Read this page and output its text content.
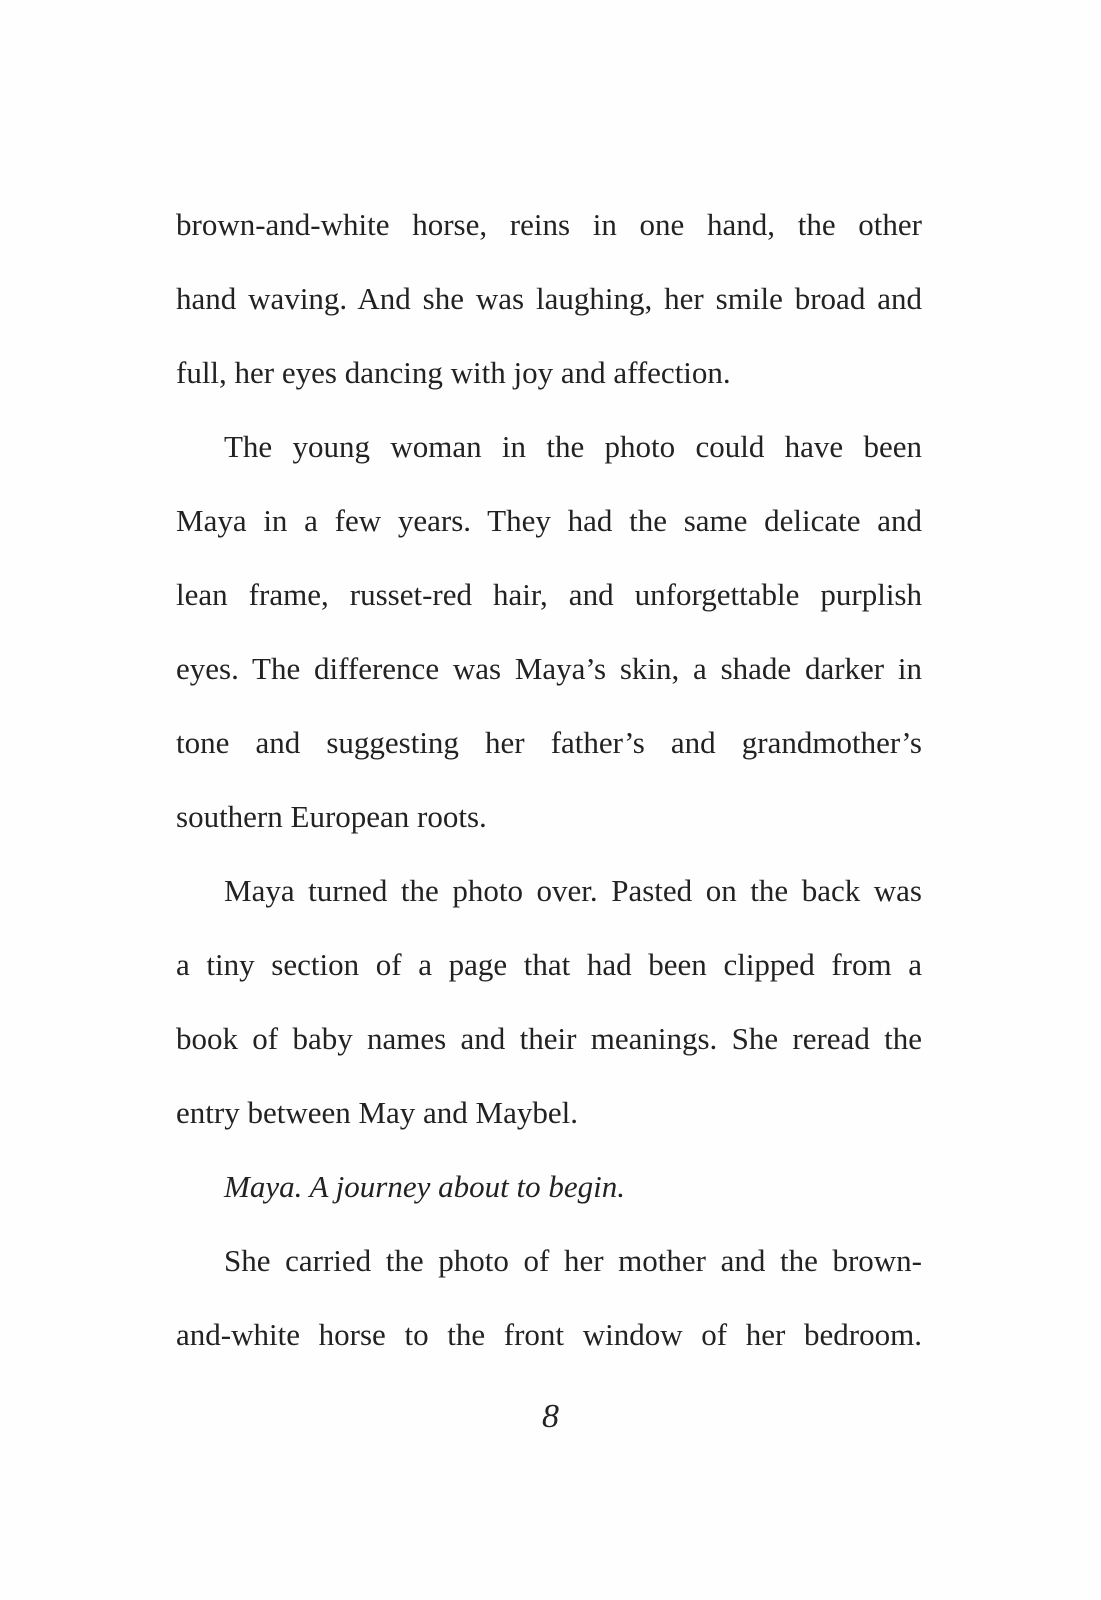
brown-and-white horse, reins in one hand, the other
hand waving. And she was laughing, her smile broad and
full, her eyes dancing with joy and affection.
The young woman in the photo could have been
Maya in a few years. They had the same delicate and
lean frame, russet-red hair, and unforgettable purplish
eyes. The difference was Maya’s skin, a shade darker in
tone and suggesting her father’s and grandmother’s
southern European roots.
Maya turned the photo over. Pasted on the back was
a tiny section of a page that had been clipped from a
book of baby names and their meanings. She reread the
entry between May and Maybel.
Maya. A journey about to begin.
She carried the photo of her mother and the brown-
and-white horse to the front window of her bedroom.
8
